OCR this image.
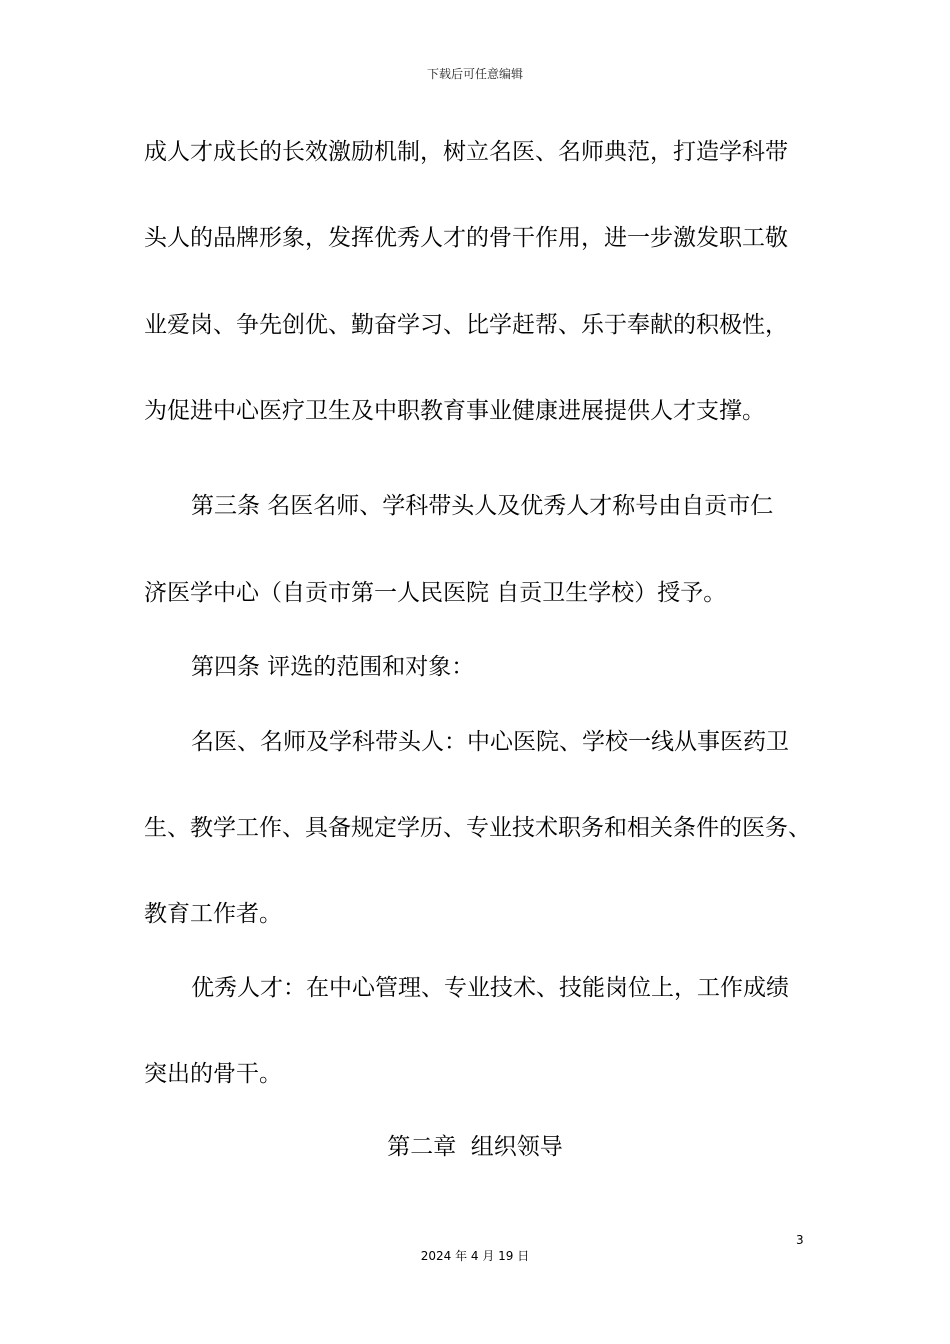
下载后可任意编辑
成人才成长的长效激励机制，树立名医、名师典范，打造学科带
头人的品牌形象，发挥优秀人才的骨干作用，进一步激发职工敬
业爱岗、争先创优、勤奋学习、比学赶帮、乐于奉献的积极性，
为促进中心医疗卫生及中职教育事业健康进展提供人才支撑。
第三条 名医名师、学科带头人及优秀人才称号由自贡市仁
济医学中心（自贡市第一人民医院 自贡卫生学校）授予。
第四条 评选的范围和对象：
名医、名师及学科带头人：中心医院、学校一线从事医药卫
生、教学工作、具备规定学历、专业技术职务和相关条件的医务、
教育工作者。
优秀人才：在中心管理、专业技术、技能岗位上，工作成绩
突出的骨干。
第二章  组织领导
3
2024 年 4 月 19 日
